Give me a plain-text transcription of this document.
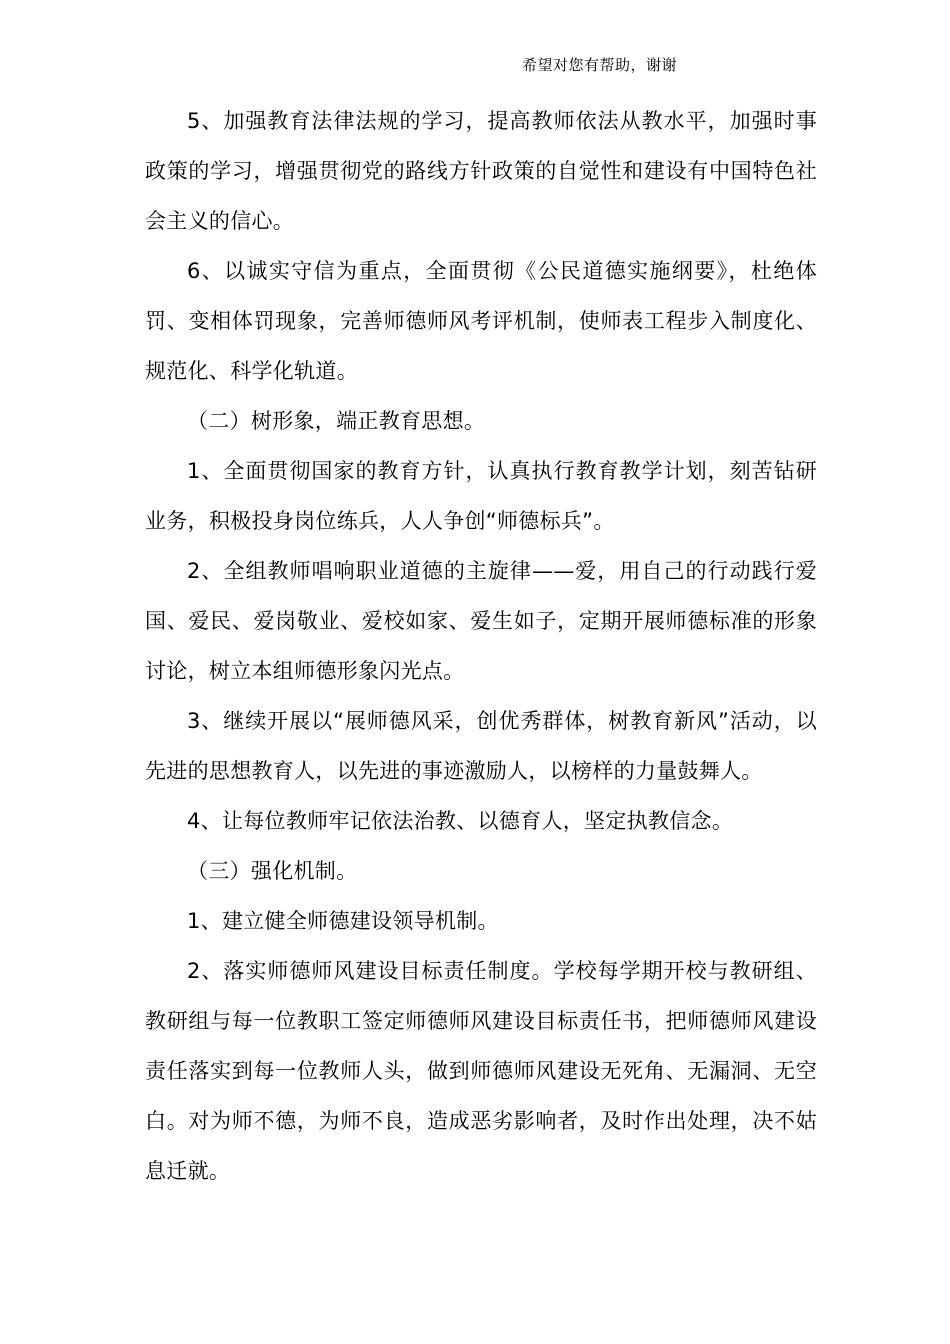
希望对您有帮助，谢谢

5、加强教育法律法规的学习，提高教师依法从教水平，加强时事政策的学习，增强贯彻党的路线方针政策的自觉性和建设有中国特色社会主义的信心。

6、以诚实守信为重点，全面贯彻《公民道德实施纲要》，杜绝体罚、变相体罚现象，完善师德师风考评机制，使师表工程步入制度化、规范化、科学化轨道。

（二）树形象，端正教育思想。

1、全面贯彻国家的教育方针，认真执行教育教学计划，刻苦钻研业务，积极投身岗位练兵，人人争创“师德标兵”。

2、全组教师唱响职业道德的主旋律——爱，用自己的行动践行爱国、爱民、爱岗敬业、爱校如家、爱生如子，定期开展师德标准的形象讨论，树立本组师德形象闪光点。

3、继续开展以“展师德风采，创优秀群体，树教育新风”活动，以先进的思想教育人，以先进的事迹激励人，以榜样的力量鼓舞人。

4、让每位教师牢记依法治教、以德育人，坚定执教信念。

（三）强化机制。

1、建立健全师德建设领导机制。

2、落实师德师风建设目标责任制度。学校每学期开校与教研组、教研组与每一位教职工签定师德师风建设目标责任书，把师德师风建设责任落实到每一位教师人头，做到师德师风建设无死角、无漏洞、无空白。对为师不德，为师不良，造成恶劣影响者，及时作出处理，决不姑息迁就。
